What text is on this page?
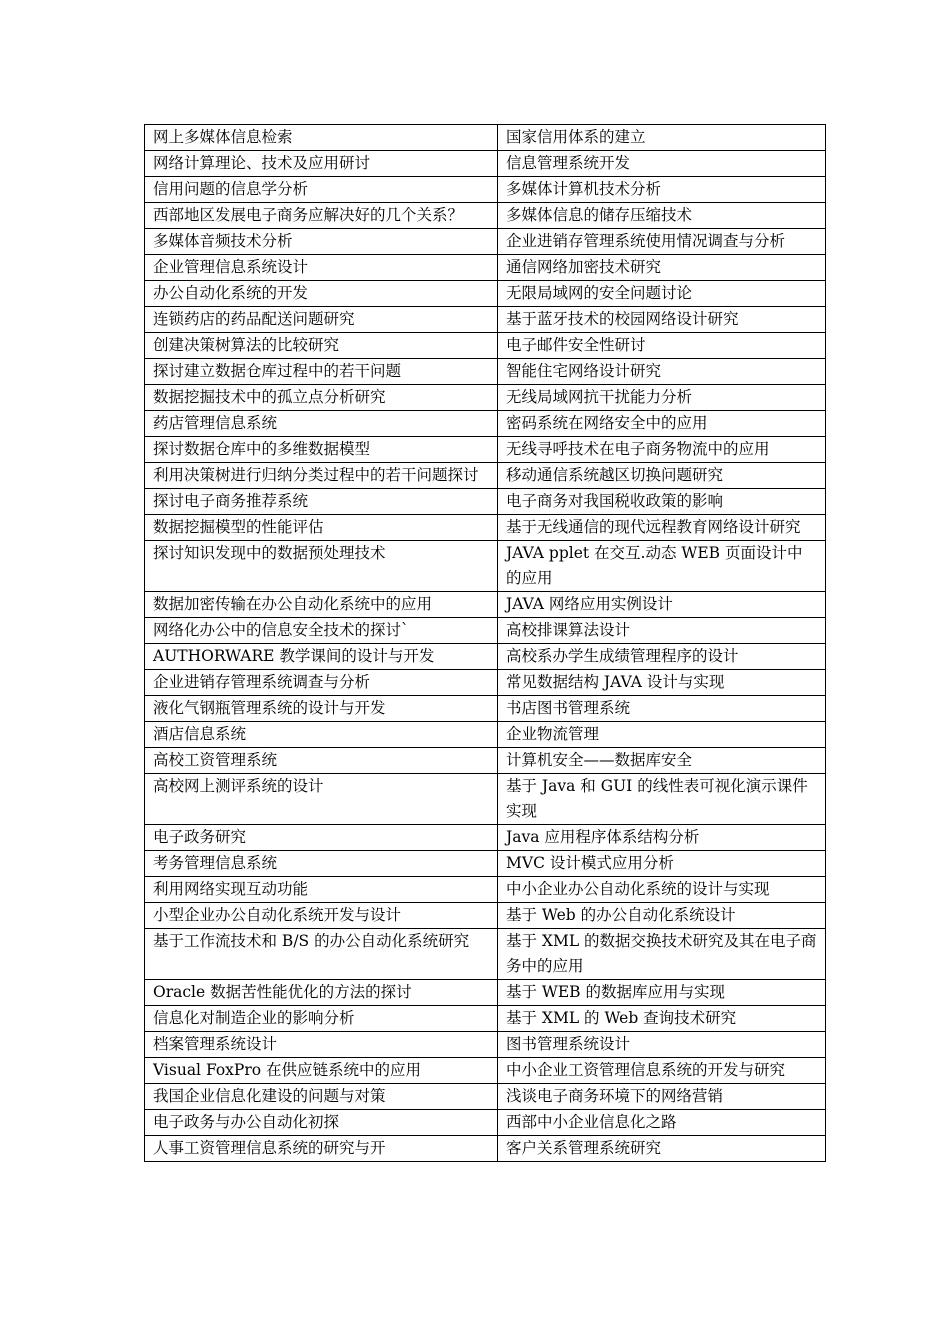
网上多媒体信息检索	国家信用体系的建立
网络计算理论、技术及应用研讨	信息管理系统开发
信用问题的信息学分析	多媒体计算机技术分析
西部地区发展电子商务应解决好的几个关系？	多媒体信息的储存压缩技术
多媒体音频技术分析	企业进销存管理系统使用情况调查与分析
企业管理信息系统设计	通信网络加密技术研究
办公自动化系统的开发	无限局域网的安全问题讨论
连锁药店的药品配送问题研究	基于蓝牙技术的校园网络设计研究
创建决策树算法的比较研究	电子邮件安全性研讨
探讨建立数据仓库过程中的若干问题	智能住宅网络设计研究
数据挖掘技术中的孤立点分析研究	无线局域网抗干扰能力分析
药店管理信息系统	密码系统在网络安全中的应用
探讨数据仓库中的多维数据模型	无线寻呼技术在电子商务物流中的应用
利用决策树进行归纳分类过程中的若干问题探讨	移动通信系统越区切换问题研究
探讨电子商务推荐系统	电子商务对我国税收政策的影响
数据挖掘模型的性能评估	基于无线通信的现代远程教育网络设计研究
探讨知识发现中的数据预处理技术	JAVA pplet 在交互.动态 WEB 页面设计中的应用
数据加密传输在办公自动化系统中的应用	JAVA 网络应用实例设计
网络化办公中的信息安全技术的探讨`	高校排课算法设计
AUTHORWARE 教学课间的设计与开发	高校系办学生成绩管理程序的设计
企业进销存管理系统调查与分析	常见数据结构 JAVA 设计与实现
液化气钢瓶管理系统的设计与开发	书店图书管理系统
酒店信息系统	企业物流管理
高校工资管理系统	计算机安全——数据库安全
高校网上测评系统的设计	基于 Java 和 GUI 的线性表可视化演示课件实现
电子政务研究	Java 应用程序体系结构分析
考务管理信息系统	MVC 设计模式应用分析
利用网络实现互动功能	中小企业办公自动化系统的设计与实现
小型企业办公自动化系统开发与设计	基于 Web 的办公自动化系统设计
基于工作流技术和 B/S 的办公自动化系统研究	基于 XML 的数据交换技术研究及其在电子商务中的应用
Oracle 数据苦性能优化的方法的探讨	基于 WEB 的数据库应用与实现
信息化对制造企业的影响分析	基于 XML 的 Web 查询技术研究
档案管理系统设计	图书管理系统设计
Visual FoxPro 在供应链系统中的应用	中小企业工资管理信息系统的开发与研究
我国企业信息化建设的问题与对策	浅谈电子商务环境下的网络营销
电子政务与办公自动化初探	西部中小企业信息化之路
人事工资管理信息系统的研究与开	客户关系管理系统研究
